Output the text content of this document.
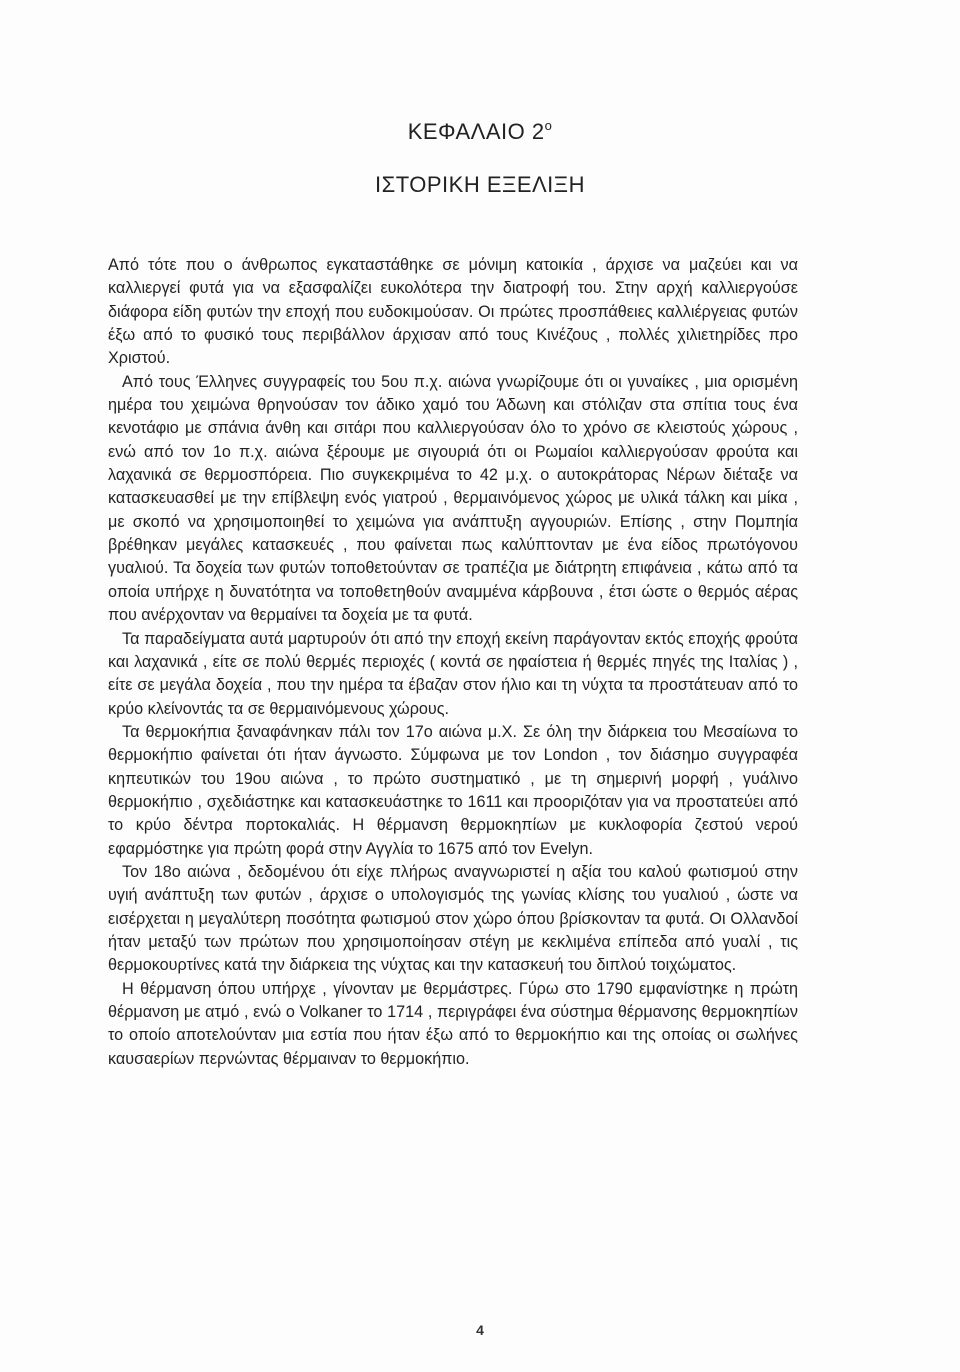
ΚΕΦΑΛΑΙΟ $2^o$
ΙΣΤΟΡΙΚΗ ΕΞΕΛΙΞΗ

Από τότε που ο άνθρωπος εγκαταστάθηκε σε μόνιμη κατοικία , άρχισε να μαζεύει και να καλλιεργεί φυτά για να εξασφαλίζει ευκολότερα την διατροφή του. Στην αρχή καλλιεργούσε διάφορα είδη φυτών την εποχή που ευδοκιμούσαν. Οι πρώτες προσπάθειες καλλιέργειας φυτών έξω από το φυσικό τους περιβάλλον άρχισαν από τους Κινέζους , πολλές χιλιετηρίδες προ Χριστού.

Από τους Έλληνες συγγραφείς του 5ου π.χ. αιώνα γνωρίζουμε ότι οι γυναίκες , μια ορισμένη ημέρα του χειμώνα θρηνούσαν τον άδικο χαμό του Άδωνη και στόλιζαν στα σπίτια τους ένα κενοτάφιο με σπάνια άνθη και σιτάρι που καλλιεργούσαν όλο το χρόνο σε κλειστούς χώρους , ενώ από τον 1ο π.χ. αιώνα ξέρουμε με σιγουριά ότι οι Ρωμαίοι καλλιεργούσαν φρούτα και λαχανικά σε θερμοσπόρεια. Πιο συγκεκριμένα το 42 μ.χ. ο αυτοκράτορας Νέρων διέταξε να κατασκευασθεί με την επίβλεψη ενός γιατρού , θερμαινόμενος χώρος με υλικά τάλκη και μίκα , με σκοπό να χρησιμοποιηθεί το χειμώνα για ανάπτυξη αγγουριών. Επίσης , στην Πομπηία βρέθηκαν μεγάλες κατασκευές , που φαίνεται πως καλύπτονταν με ένα είδος πρωτόγονου γυαλιού. Τα δοχεία των φυτών τοποθετούνταν σε τραπέζια με διάτρητη επιφάνεια , κάτω από τα οποία υπήρχε η δυνατότητα να τοποθετηθούν αναμμένα κάρβουνα , έτσι ώστε ο θερμός αέρας που ανέρχονταν να θερμαίνει τα δοχεία με τα φυτά.

Τα παραδείγματα αυτά μαρτυρούν ότι από την εποχή εκείνη παράγονταν εκτός εποχής φρούτα και λαχανικά , είτε σε πολύ θερμές περιοχές ( κοντά σε ηφαίστεια ή θερμές πηγές της Ιταλίας ) , είτε σε μεγάλα δοχεία , που την ημέρα τα έβαζαν στον ήλιο και τη νύχτα τα προστάτευαν από το κρύο κλείνοντάς τα σε θερμαινόμενους χώρους.

Τα θερμοκήπια ξαναφάνηκαν πάλι τον 17ο αιώνα μ.Χ. Σε όλη την διάρκεια του Μεσαίωνα το θερμοκήπιο φαίνεται ότι ήταν άγνωστο. Σύμφωνα με τον London , τον διάσημο συγγραφέα κηπευτικών του 19ου αιώνα , το πρώτο συστηματικό , με τη σημερινή μορφή , γυάλινο θερμοκήπιο , σχεδιάστηκε και κατασκευάστηκε το 1611 και προοριζόταν για να προστατεύει από το κρύο δέντρα πορτοκαλιάς. Η θέρμανση θερμοκηπίων με κυκλοφορία ζεστού νερού εφαρμόστηκε για πρώτη φορά στην Αγγλία το 1675 από τον Evelyn.

Τον 18ο αιώνα , δεδομένου ότι είχε πλήρως αναγνωριστεί η αξία του καλού φωτισμού στην υγιή ανάπτυξη των φυτών , άρχισε ο υπολογισμός της γωνίας κλίσης του γυαλιού , ώστε να εισέρχεται η μεγαλύτερη ποσότητα φωτισμού στον χώρο όπου βρίσκονταν τα φυτά. Οι Ολλανδοί ήταν μεταξύ των πρώτων που χρησιμοποίησαν στέγη με κεκλιμένα επίπεδα από γυαλί , τις θερμοκουρτίνες κατά την διάρκεια της νύχτας και την κατασκευή του διπλού τοιχώματος.

Η θέρμανση όπου υπήρχε , γίνονταν με θερμάστρες. Γύρω στο 1790 εμφανίστηκε η πρώτη θέρμανση με ατμό , ενώ ο Volkaner το 1714 , περιγράφει ένα σύστημα θέρμανσης θερμοκηπίων το οποίο αποτελούνταν μια εστία που ήταν έξω από το θερμοκήπιο και της οποίας οι σωλήνες καυσαερίων περνώντας θέρμαιναν το θερμοκήπιο.

4
